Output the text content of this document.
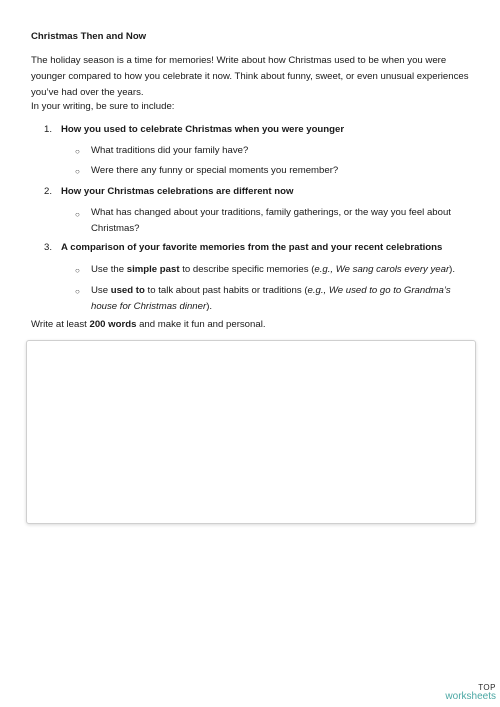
Christmas Then and Now
The holiday season is a time for memories! Write about how Christmas used to be when you were younger compared to how you celebrate it now. Think about funny, sweet, or even unusual experiences you’ve had over the years.
In your writing, be sure to include:
1. How you used to celebrate Christmas when you were younger
○ What traditions did your family have?
○ Were there any funny or special moments you remember?
2. How your Christmas celebrations are different now
○ What has changed about your traditions, family gatherings, or the way you feel about Christmas?
3. A comparison of your favorite memories from the past and your recent celebrations
○ Use the simple past to describe specific memories (e.g., We sang carols every year).
○ Use used to to talk about past habits or traditions (e.g., We used to go to Grandma’s house for Christmas dinner).
Write at least 200 words and make it fun and personal.
TOP
worksheets
